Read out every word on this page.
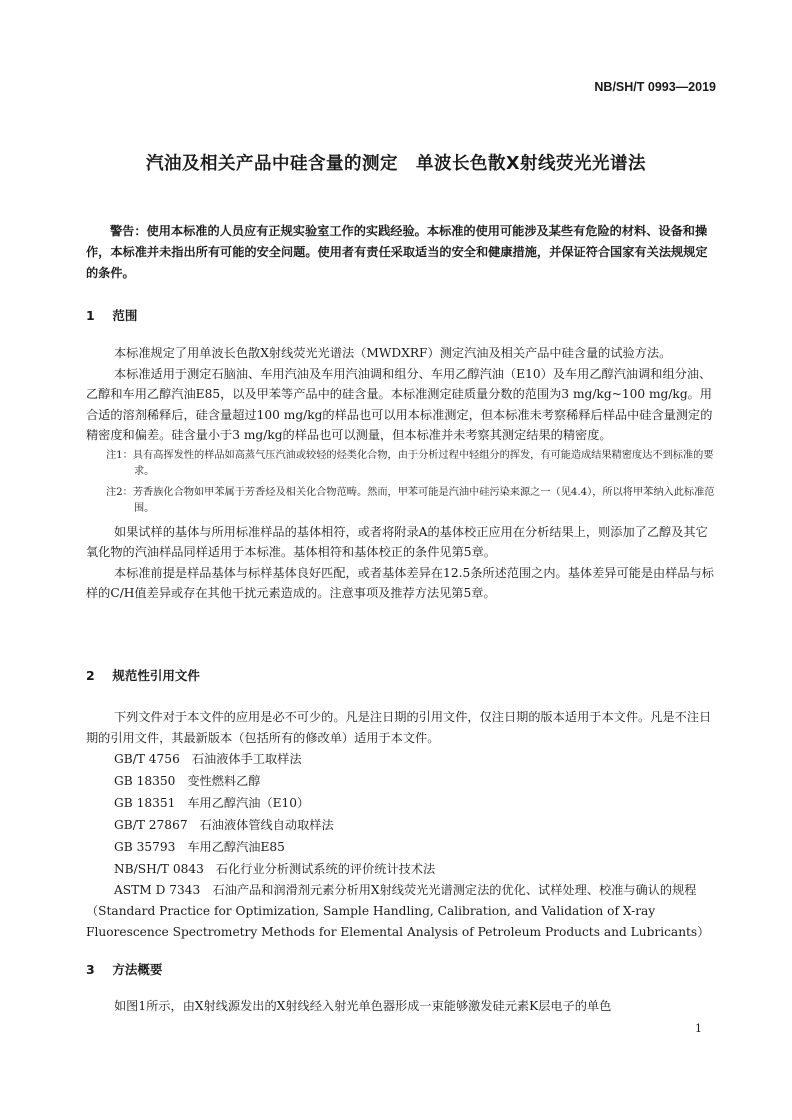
NB/SH/T 0993—2019
汽油及相关产品中硅含量的测定　单波长色散X射线荧光光谱法

警告：使用本标准的人员应有正规实验室工作的实践经验。本标准的使用可能涉及某些有危险的材料、设备和操作，本标准并未指出所有可能的安全问题。使用者有责任采取适当的安全和健康措施，并保证符合国家有关法规规定的条件。

1 范围

本标准规定了用单波长色散X射线荧光光谱法（MWDXRF）测定汽油及相关产品中硅含量的试验方法。

本标准适用于测定石脑油、车用汽油及车用汽油调和组分、车用乙醇汽油（E10）及车用乙醇汽油调和组分油、乙醇和车用乙醇汽油E85，以及甲苯等产品中的硅含量。本标准测定硅质量分数的范围为3 mg/kg~100 mg/kg。用合适的溶剂稀释后，硅含量超过100 mg/kg的样品也可以用本标准测定，但本标准未考察稀释后样品中硅含量测定的精密度和偏差。硅含量小于3 mg/kg的样品也可以测量，但本标准并未考察其测定结果的精密度。

注1：具有高挥发性的样品如高蒸气压汽油或较轻的烃类化合物，由于分析过程中轻组分的挥发，有可能造成结果精密度达不到标准的要求。

注2：芳香族化合物如甲苯属于芳香烃及相关化合物范畴。然而，甲苯可能是汽油中硅污染来源之一（见4.4），所以将甲苯纳入此标准范围。

如果试样的基体与所用标准样品的基体相符，或者将附录A的基体校正应用在分析结果上，则添加了乙醇及其它氧化物的汽油样品同样适用于本标准。基体相符和基体校正的条件见第5章。

本标准前提是样品基体与标样基体良好匹配，或者基体差异在12.5条所述范围之内。基体差异可能是由样品与标样的C/H值差异或存在其他干扰元素造成的。注意事项及推荐方法见第5章。

2 规范性引用文件

下列文件对于本文件的应用是必不可少的。凡是注日期的引用文件，仅注日期的版本适用于本文件。凡是不注日期的引用文件，其最新版本（包括所有的修改单）适用于本文件。

GB/T 4756 石油液体手工取样法

GB 18350 变性燃料乙醇

GB 18351 车用乙醇汽油（E10）

GB/T 27867 石油液体管线自动取样法

GB 35793 车用乙醇汽油E85

NB/SH/T 0843 石化行业分析测试系统的评价统计技术法

ASTM D 7343　石油产品和润滑剂元素分析用X射线荧光光谱测定法的优化、试样处理、校准与确认的规程（Standard Practice for Optimization, Sample Handling, Calibration, and Validation of X-ray Fluorescence Spectrometry Methods for Elemental Analysis of Petroleum Products and Lubricants）

3 方法概要

如图1所示，由X射线源发出的X射线经入射光单色器形成一束能够激发硅元素K层电子的单色

1
